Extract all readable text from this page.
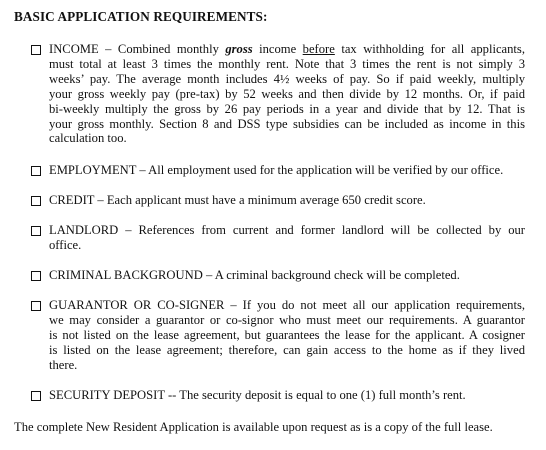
BASIC APPLICATION REQUIREMENTS:
INCOME – Combined monthly gross income before tax withholding for all applicants,
must total at least 3 times the monthly rent. Note that 3 times the rent is not simply 3
weeks’ pay. The average month includes 4½ weeks of pay. So if paid weekly, multiply
your gross weekly pay (pre-tax) by 52 weeks and then divide by 12 months. Or, if paid
bi-weekly multiply the gross by 26 pay periods in a year and divide that by 12. That is
your gross monthly. Section 8 and DSS type subsidies can be included as income in this
calculation too.
EMPLOYMENT – All employment used for the application will be verified by our office.
CREDIT – Each applicant must have a minimum average 650 credit score.
LANDLORD – References from current and former landlord will be collected by our
office.
CRIMINAL BACKGROUND – A criminal background check will be completed.
GUARANTOR OR CO-SIGNER – If you do not meet all our application requirements,
we may consider a guarantor or co-signor who must meet our requirements. A guarantor
is not listed on the lease agreement, but guarantees the lease for the applicant. A cosigner
is listed on the lease agreement; therefore, can gain access to the home as if they lived
there.
SECURITY DEPOSIT -- The security deposit is equal to one (1) full month’s rent.
The complete New Resident Application is available upon request as is a copy of the full lease.
